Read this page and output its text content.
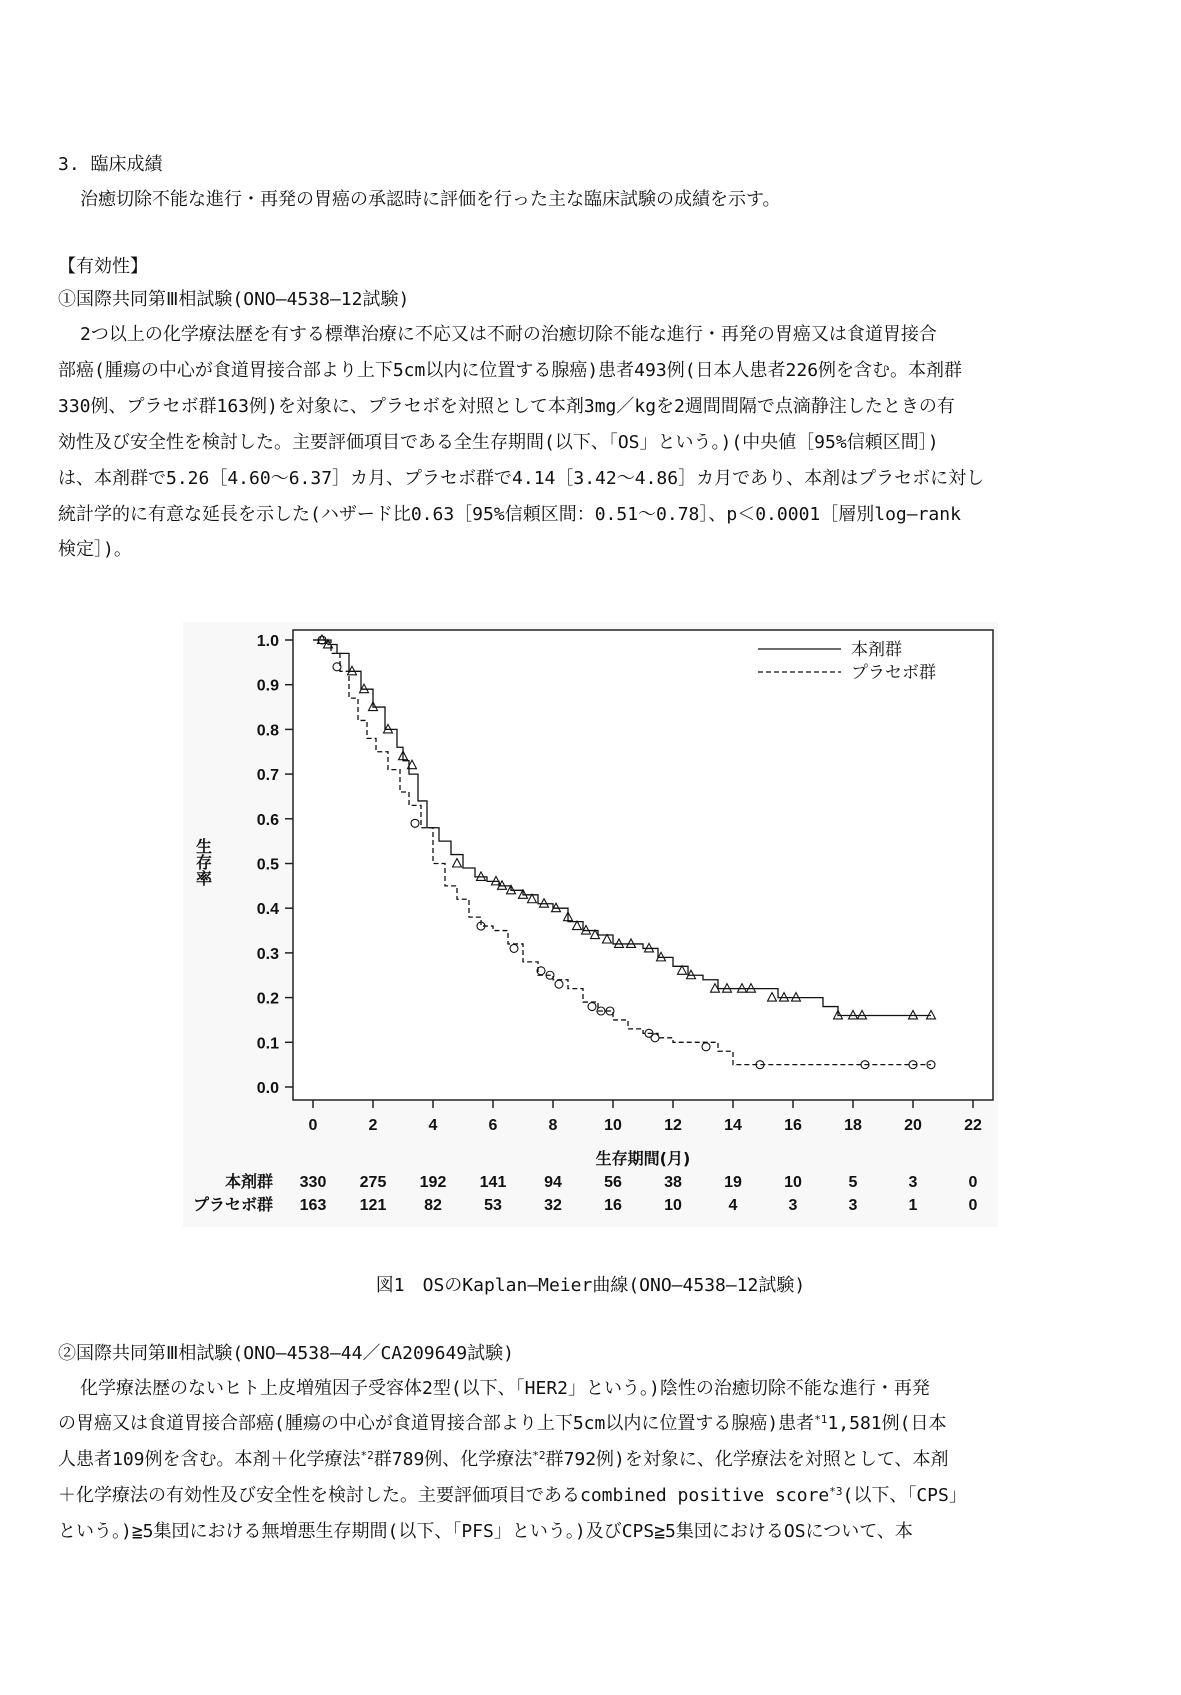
3. 臨床成績
治癒切除不能な進行・再発の胃癌の承認時に評価を行った主な臨床試験の成績を示す。
【有効性】
①国際共同第Ⅲ相試験(ONO―4538―12試験)
2つ以上の化学療法歴を有する標準治療に不応又は不耐の治癒切除不能な進行・再発の胃癌又は食道胃接合
部癌(腫瘍の中心が食道胃接合部より上下5cm以内に位置する腺癌)患者493例(日本人患者226例を含む。本剤群
330例、プラセボ群163例)を対象に、プラセボを対照として本剤3mg／kgを2週間間隔で点滴静注したときの有
効性及び安全性を検討した。主要評価項目である全生存期間(以下、「OS」という。)(中央値［95%信頼区間］)
は、本剤群で5.26［4.60～6.37］カ月、プラセボ群で4.14［3.42～4.86］カ月であり、本剤はプラセボに対し
統計学的に有意な延長を示した(ハザード比0.63［95%信頼区間：0.51～0.78］、p＜0.0001［層別log―rank
検定］)。
0	2	4	6	8	10	12	14	16	18	20	22
0.0
0.1
0.2
0.3
0.4
0.5
0.6
0.7
0.8
0.9
1.0
生存期間(月)
生存率
本剤群
プラセボ群
本剤群 330 275 192 141 94	56	38	19	10	5	3	0
プラセボ群 163 121 82	53	32	16	10	4	3	3	1	0
図1　OSのKaplan―Meier曲線(ONO―4538―12試験)
②国際共同第Ⅲ相試験(ONO―4538―44／CA209649試験)
化学療法歴のないヒト上皮増殖因子受容体2型(以下、「HER2」という。)陰性の治癒切除不能な進行・再発
の胃癌又は食道胃接合部癌(腫瘍の中心が食道胃接合部より上下5cm以内に位置する腺癌)患者$^{*1}$1,581例(日本
人患者109例を含む。本剤＋化学療法$^{*2}$群789例、化学療法$^{*2}$群792例)を対象に、化学療法を対照として、本剤
＋化学療法の有効性及び安全性を検討した。主要評価項目であるcombined positive score$^{*3}$(以下、「CPS」
という。)≧5集団における無増悪生存期間(以下、「PFS」という。)及びCPS≧5集団におけるOSについて、本
